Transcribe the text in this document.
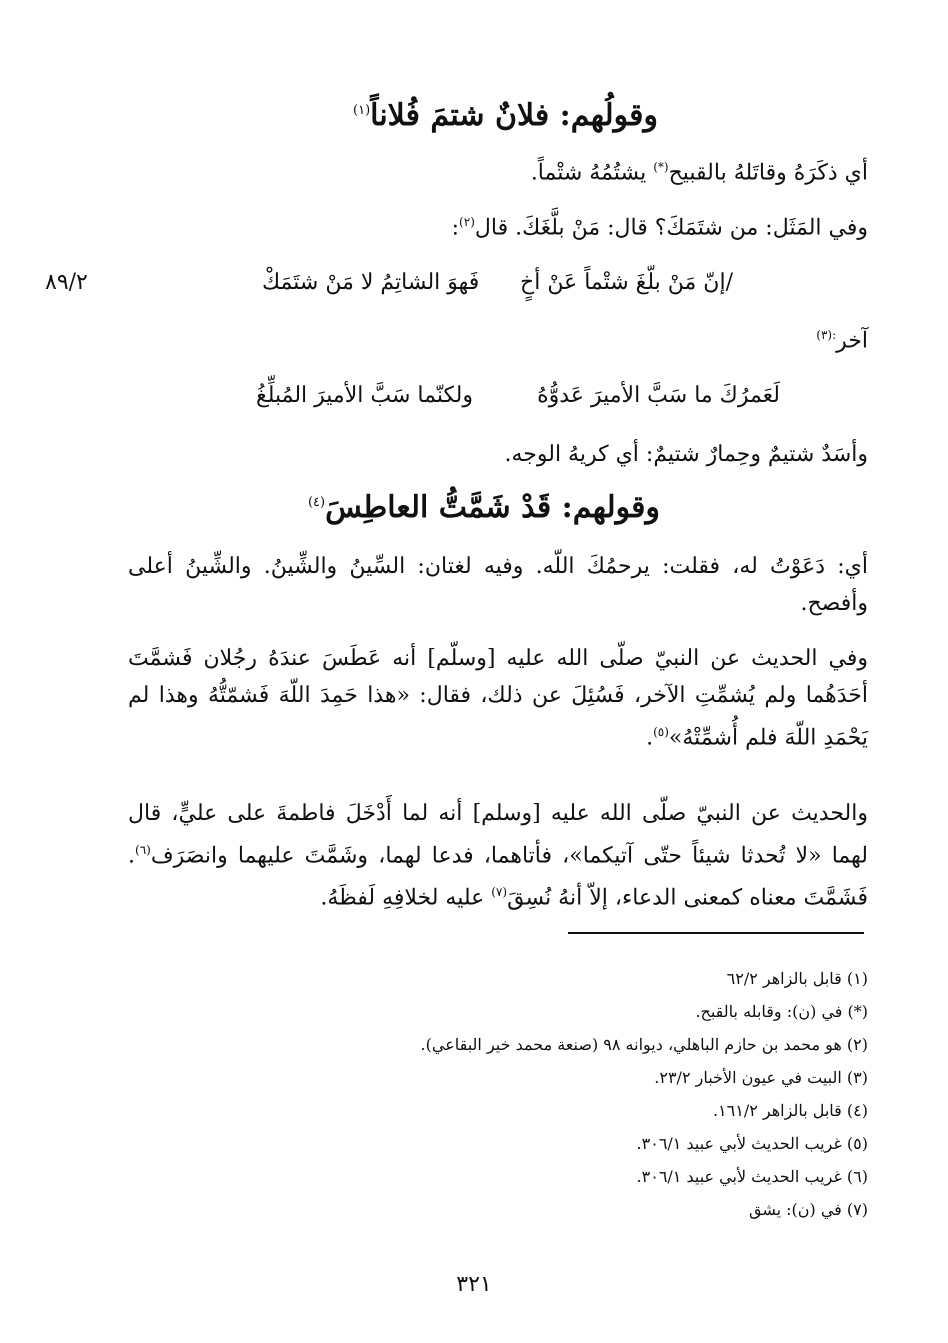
وقولُهم: فلانٌ شتمَ فُلاناً$^{(١)}$
أي ذكَرَهُ وقاتَلهُ بالقبيح(*) يشتُمُهُ شتْماً.
وفي المَثَل: من شتَمَكَ؟ قال: مَنْ بلَّغَكَ. قال$^{(٢)}$:
/إنّ مَنْ بلّغَ شتْماً عَنْ أخٍ
فَهوَ الشاتِمُ لا مَنْ شتَمَكْ
٨٩/٢
آخر$^{:(٣)}$
لَعَمرُكَ ما سَبَّ الأميرَ عَدوُّهُ
ولكنّما سَبَّ الأميرَ المُبلِّغُ
وأسَدٌ شتيمٌ وحِمارٌ شتيمٌ: أي كريهُ الوجه.
وقولهم: قَدْ شَمَّتُّ العاطِسَ$^{(٤)}$
أي: دَعَوْتُ له، فقلت: يرحمُكَ اللّه. وفيه لغتان: السِّينُ والشِّينُ. والشِّينُ أعلى وأفصح.
وفي الحديث عن النبيّ صلّى الله عليه [وسلّم] أنه عَطَسَ عندَهُ رجُلان فَشمَّتَ أحَدَهُما ولم يُشمِّتِ الآخر، فَسُئِلَ عن ذلك، فقال: «هذا حَمِدَ اللّهَ فَشمّتُّهُ وهذا لم يَحْمَدِ اللّهَ فلم أُشمِّتْهُ»$^{(٥)}$.
والحديث عن النبيّ صلّى الله عليه [وسلم] أنه لما أَدْخَلَ فاطمةَ على عليٍّ، قال لهما «لا تُحدثا شيئاً حتّى آتيكما»، فأتاهما، فدعا لهما، وشَمَّتَ عليهما وانصَرَف$^{(٦)}$. فَشَمَّتَ معناه كمعنى الدعاء، إلاّ أنهُ نُسِقَ$^{(٧)}$ عليه لخلافِهِ لَفظَهُ.
(١) قابل بالزاهر ٦٢/٢
(*) في (ن): وقابله بالقبح.
(٢) هو محمد بن حازم الباهلي، ديوانه ٩٨ (صنعة محمد خير البقاعي).
(٣) البيت في عيون الأخبار ٢٣/٢.
(٤) قابل بالزاهر ١٦١/٢.
(٥) غريب الحديث لأبي عبيد ٣٠٦/١.
(٦) غريب الحديث لأبي عبيد ٣٠٦/١.
(٧) في (ن): يشق
٣٢١
